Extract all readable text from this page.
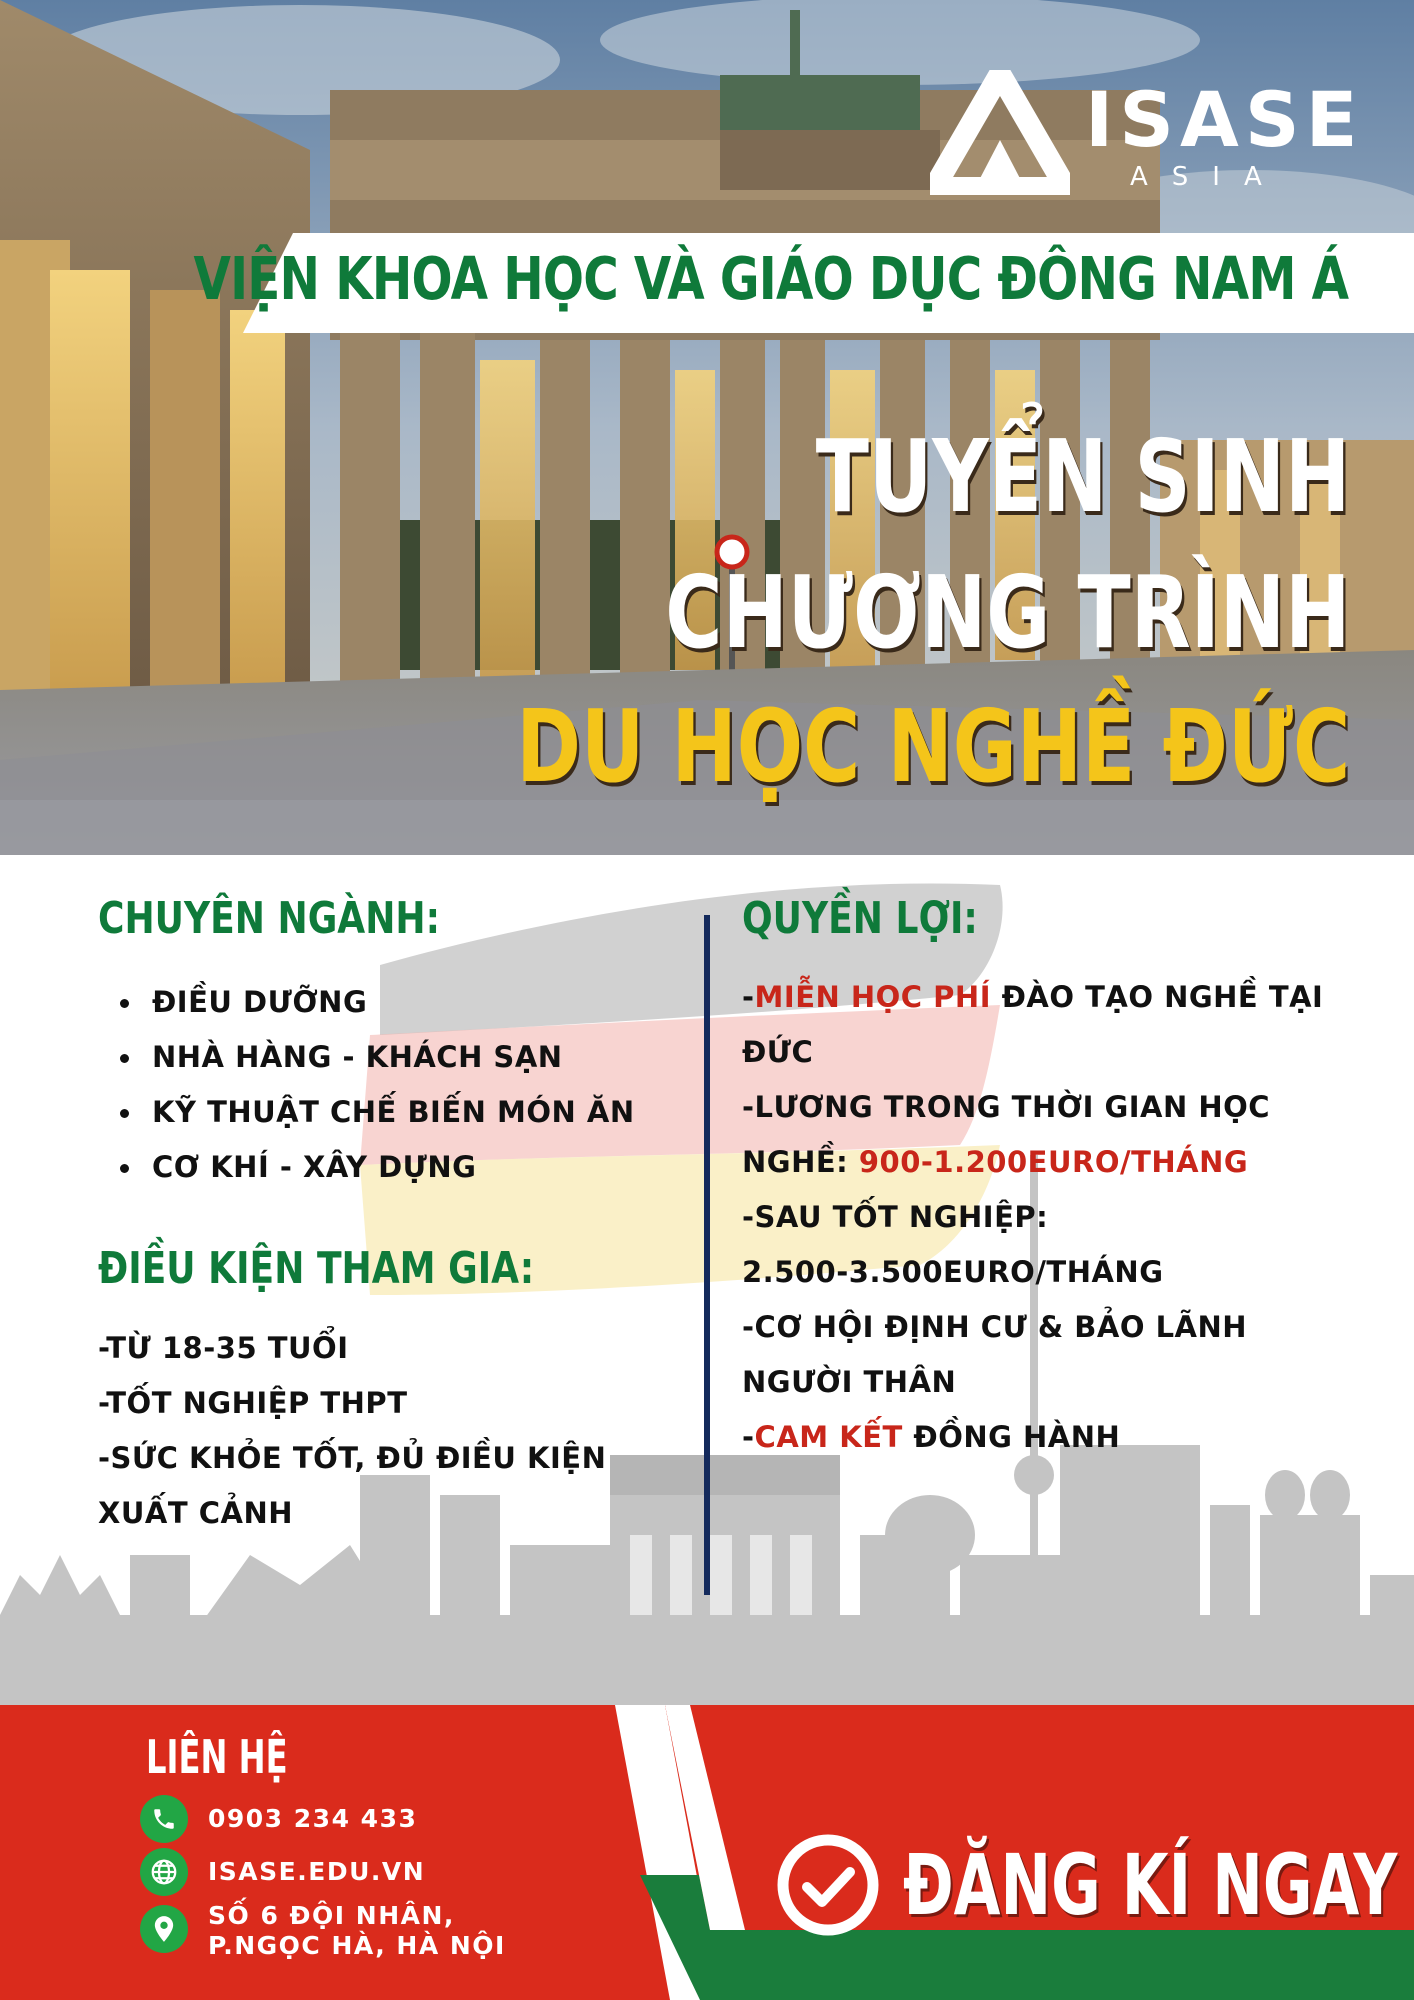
ISASE
ASIA
VIỆN KHOA HỌC VÀ GIÁO DỤC ĐÔNG NAM Á
TUYỂN SINH
CHƯƠNG TRÌNH
DU HỌC NGHỀ ĐỨC
CHUYÊN NGÀNH:
ĐIỀU DƯỠNG
NHÀ HÀNG - KHÁCH SẠN
KỸ THUẬT CHẾ BIẾN MÓN ĂN
CƠ KHÍ - XÂY DỰNG
ĐIỀU KIỆN THAM GIA:
-TỪ 18-35 TUỔI
-TỐT NGHIỆP THPT
-SỨC KHỎE TỐT, ĐỦ ĐIỀU KIỆN
XUẤT CẢNH
QUYỀN LỢI:
-MIỄN HỌC PHÍ ĐÀO TẠO NGHỀ TẠI
ĐỨC
-LƯƠNG TRONG THỜI GIAN HỌC
NGHỀ: 900-1.200EURO/THÁNG
-SAU TỐT NGHIỆP:
2.500-3.500EURO/THÁNG
-CƠ HỘI ĐỊNH CƯ & BẢO LÃNH
NGƯỜI THÂN
-CAM KẾT ĐỒNG HÀNH
LIÊN HỆ
0903 234 433
ISASE.EDU.VN
SỐ 6 ĐỘI NHÂN,
P.NGỌC HÀ, HÀ NỘI
ĐĂNG KÍ NGAY
